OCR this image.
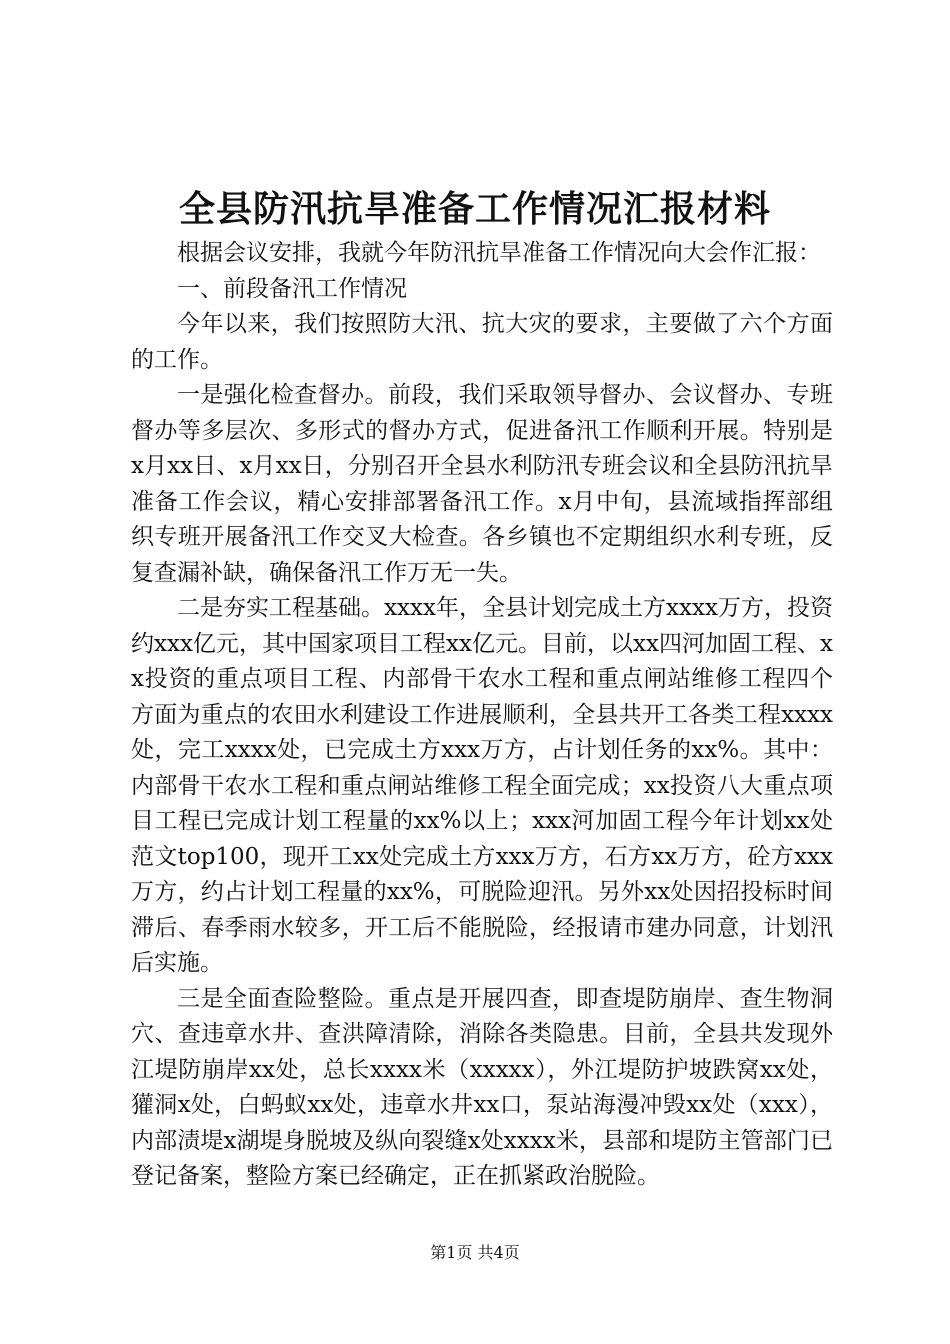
全县防汛抗旱准备工作情况汇报材料

根据会议安排，我就今年防汛抗旱准备工作情况向大会作汇报：

一、前段备汛工作情况

今年以来，我们按照防大汛、抗大灾的要求，主要做了六个方面的工作。

一是强化检查督办。前段，我们采取领导督办、会议督办、专班督办等多层次、多形式的督办方式，促进备汛工作顺利开展。特别是x月xx日、x月xx日，分别召开全县水利防汛专班会议和全县防汛抗旱准备工作会议，精心安排部署备汛工作。x月中旬，县流域指挥部组织专班开展备汛工作交叉大检查。各乡镇也不定期组织水利专班，反复查漏补缺，确保备汛工作万无一失。

二是夯实工程基础。xxxx年，全县计划完成土方xxxx万方，投资约xxx亿元，其中国家项目工程xx亿元。目前，以xx四河加固工程、xx投资的重点项目工程、内部骨干农水工程和重点闸站维修工程四个方面为重点的农田水利建设工作进展顺利，全县共开工各类工程xxxx处，完工xxxx处，已完成土方xxx万方，占计划任务的xx%。其中：内部骨干农水工程和重点闸站维修工程全面完成；xx投资八大重点项目工程已完成计划工程量的xx%以上；xxx河加固工程今年计划xx处范文top100，现开工xx处完成土方xxx万方，石方xx万方，砼方xxx万方，约占计划工程量的xx%，可脱险迎汛。另外xx处因招投标时间滞后、春季雨水较多，开工后不能脱险，经报请市建办同意，计划汛后实施。

三是全面查险整险。重点是开展四查，即查堤防崩岸、查生物洞穴、查违章水井、查洪障清除，消除各类隐患。目前，全县共发现外江堤防崩岸xx处，总长xxxx米（xxxxx），外江堤防护坡跌窝xx处，獾洞x处，白蚂蚁xx处，违章水井xx口，泵站海漫冲毁xx处（xxx），内部渍堤x湖堤身脱坡及纵向裂缝x处xxxx米，县部和堤防主管部门已登记备案，整险方案已经确定，正在抓紧政治脱险。

第1页 共4页
